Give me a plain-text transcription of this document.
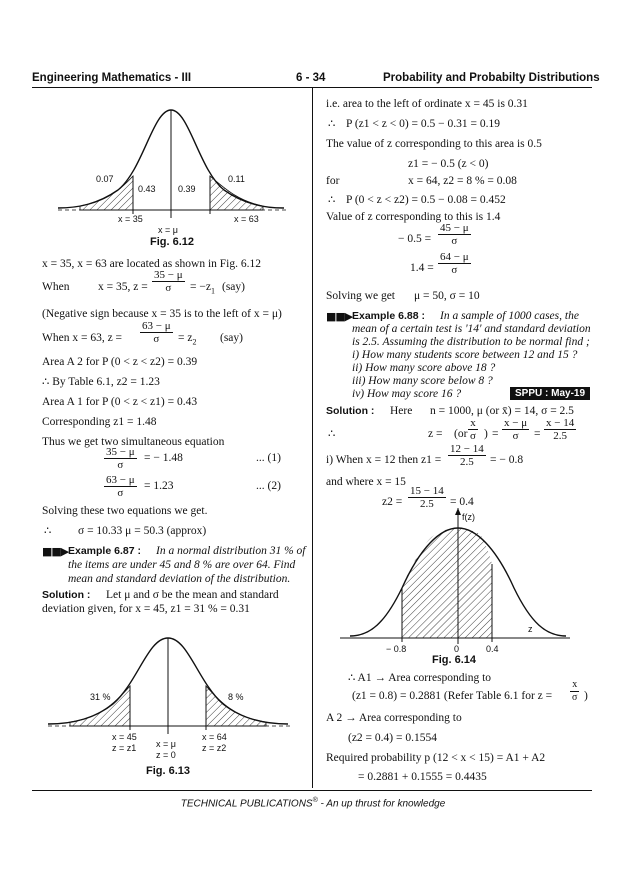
Engineering Mathematics - III	6 - 34	Probability and Probabilty Distributions
0.07
0.43 0.39
0.11
x = 35
x = μ
x = 63
Fig. 6.12
x = 35, x = 63 are located as shown in Fig. 6.12
When x = 35, $z = \frac{35 - \mu}{\sigma} = -z_1$ (say)
(Negative sign because x = 35 is to the left of x = μ)
When x = 63, $z = \frac{63 - \mu}{\sigma} = z_2$ (say)
Area A 2 for P (0 < z < z2) = 0.39
∴ By Table 6.1, z2 = 1.23
Area A 1 for P (0 < z < z1) = 0.43
Corresponding z1 = 1.48
Thus we get two simultaneous equation
$\frac{35 - \mu}{\sigma}$ = − 1.48	... (1)
$\frac{63 - \mu}{\sigma} = 1.23$	... (2)
Solving these two equations we get.
∴ σ = 10.33 μ = 50.3 (approx)
■■▶ Example 6.87 : In a normal distribution 31 % of
the items are under 45 and 8 % are over 64. Find
mean and standard deviation of the distribution.
Solution : Let μ and σ be the mean and standard
deviation given, for x = 45, z1 = 31 % = 0.31
31 %	8 %
x = 45
z = z1 x = μ
z = 0
x = 64
z = z2
Fig. 6.13
i.e. area to the left of ordinate x = 45 is 0.31
∴ P (z1 < z < 0) = 0.5 − 0.31 = 0.19
The value of z corresponding to this area is 0.5
z1 = − 0.5 (z < 0)
for	x = 64, z2 = 8 % = 0.08
∴ P (0 < z < z2) = 0.5 − 0.08 = 0.452
Value of z corresponding to this is 1.4
− $0.5 = \frac{45 - \mu}{\sigma}$
$1.4 = \frac{64 - \mu}{\sigma}$
Solving we get μ = 50, σ = 10
■■▶ Example 6.88 : In a sample of 1000 cases, the
mean of a certain test is '14' and standard deviation
is 2.5. Assuming the distribution to be normal find ;
i) How many students score between 12 and 15 ?
ii) How many score above 18 ?
iii) How many score below 8 ?
iv) How may score 16 ?	SPPU : May-19
Solution : Here n = 1000, μ (or x̄) = 14, σ = 2.5
∴	$z = (or \frac{x}{\sigma}$ ) = $\frac{x - \mu}{\sigma} = \frac{x - 14}{2.5}$
i) When x = 12 then $z1 = \frac{12 - 14}{2.5}$ = − 0.8
and where x = 15
$z2 = \frac{15 - 14}{2.5} = 0.4$
f(z)
z
− 0.8	0	0.4
Fig. 6.14
∴ A1 → Area corresponding to
(z1 = 0.8) = 0.2881 (Refer Table 6.1 for $z = \frac{x}{\sigma}$ )
A 2 → Area corresponding to
(z2 = 0.4) = 0.1554
Required probability p (12 < x < 15) = A1 + A2
= 0.2881 + 0.1555 = 0.4435
TECHNICAL PUBLICATIONS® - An up thrust for knowledge
